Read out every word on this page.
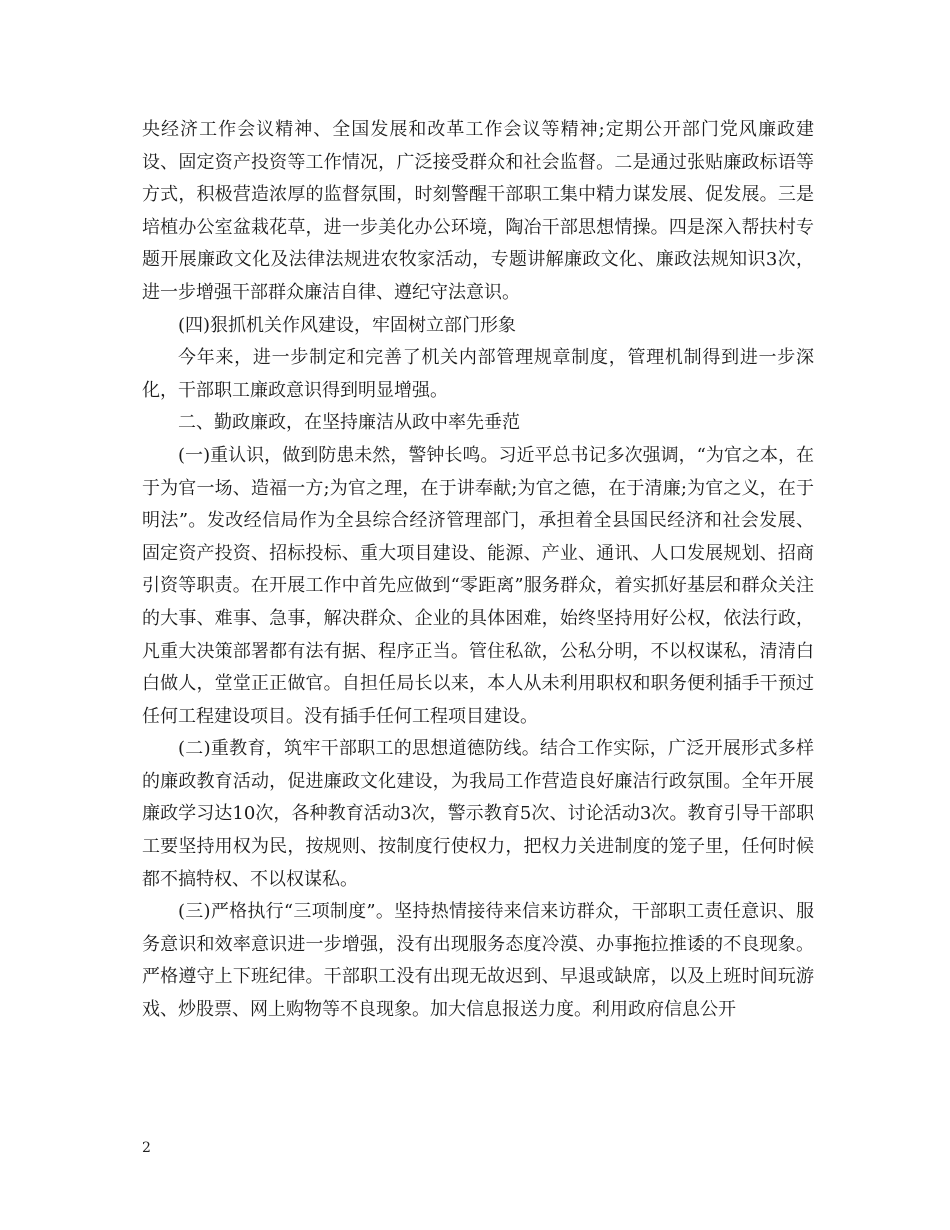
央经济工作会议精神、全国发展和改革工作会议等精神;定期公开部门党风廉政建设、固定资产投资等工作情况，广泛接受群众和社会监督。二是通过张贴廉政标语等方式，积极营造浓厚的监督氛围，时刻警醒干部职工集中精力谋发展、促发展。三是培植办公室盆栽花草，进一步美化办公环境，陶冶干部思想情操。四是深入帮扶村专题开展廉政文化及法律法规进农牧家活动，专题讲解廉政文化、廉政法规知识3次，进一步增强干部群众廉洁自律、遵纪守法意识。

(四)狠抓机关作风建设，牢固树立部门形象

今年来，进一步制定和完善了机关内部管理规章制度，管理机制得到进一步深化，干部职工廉政意识得到明显增强。

二、勤政廉政，在坚持廉洁从政中率先垂范

(一)重认识，做到防患未然，警钟长鸣。习近平总书记多次强调，“为官之本，在于为官一场、造福一方;为官之理，在于讲奉献;为官之德，在于清廉;为官之义，在于明法”。发改经信局作为全县综合经济管理部门，承担着全县国民经济和社会发展、固定资产投资、招标投标、重大项目建设、能源、产业、通讯、人口发展规划、招商引资等职责。在开展工作中首先应做到“零距离”服务群众，着实抓好基层和群众关注的大事、难事、急事，解决群众、企业的具体困难，始终坚持用好公权，依法行政，凡重大决策部署都有法有据、程序正当。管住私欲，公私分明，不以权谋私，清清白白做人，堂堂正正做官。自担任局长以来，本人从未利用职权和职务便利插手干预过任何工程建设项目。没有插手任何工程项目建设。

(二)重教育，筑牢干部职工的思想道德防线。结合工作实际，广泛开展形式多样的廉政教育活动，促进廉政文化建设，为我局工作营造良好廉洁行政氛围。全年开展廉政学习达10次，各种教育活动3次，警示教育5次、讨论活动3次。教育引导干部职工要坚持用权为民，按规则、按制度行使权力，把权力关进制度的笼子里，任何时候都不搞特权、不以权谋私。

(三)严格执行“三项制度”。坚持热情接待来信来访群众，干部职工责任意识、服务意识和效率意识进一步增强，没有出现服务态度冷漠、办事拖拉推诿的不良现象。严格遵守上下班纪律。干部职工没有出现无故迟到、早退或缺席，以及上班时间玩游戏、炒股票、网上购物等不良现象。加大信息报送力度。利用政府信息公开

2
